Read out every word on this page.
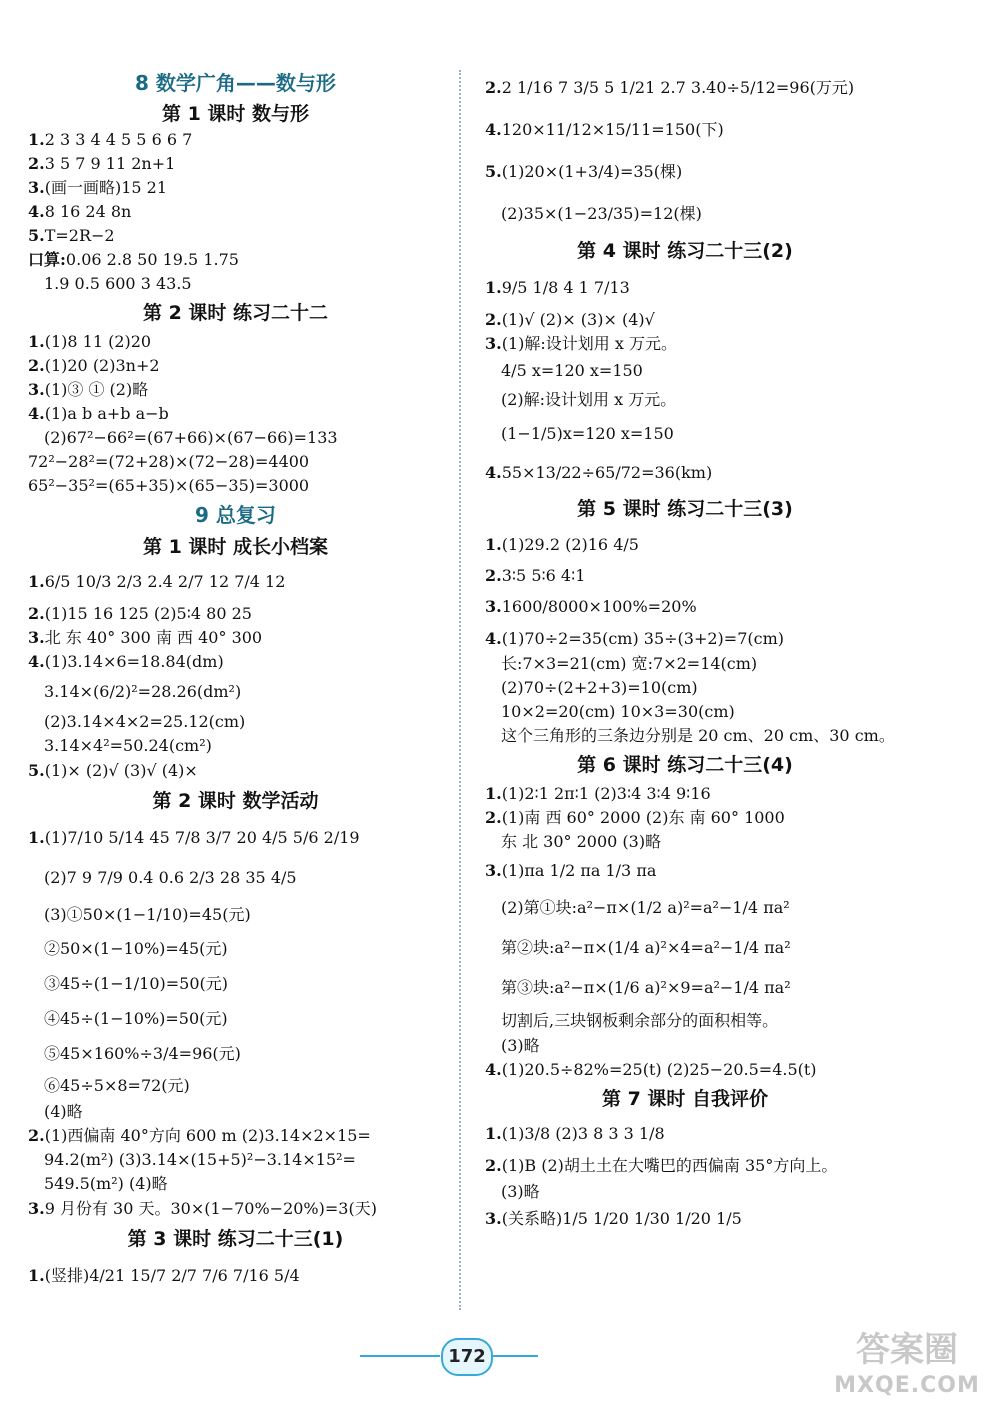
8 数学广角——数与形
第 1 课时 数与形
1.2 3 3 4 4 5 5 6 6 7
2.3 5 7 9 11 2n+1
3.(画一画略)15 21
4.8 16 24 8n
5.T=2R−2
口算:0.06 2.8 50 19.5 1.75
1.9 0.5 600 3 43.5
第 2 课时 练习二十二
1.(1)8 11 (2)20
2.(1)20 (2)3n+2
3.(1)③ ① (2)略
4.(1)a b a+b a−b
(2)67²−66²=(67+66)×(67−66)=133
72²−28²=(72+28)×(72−28)=4400
65²−35²=(65+35)×(65−35)=3000
9 总复习
第 1 课时 成长小档案
1.6/5 10/3 2/3 2.4 2/7 12 7/4 12
2.(1)15 16 125 (2)5∶4 80 25
3.北 东 40° 300 南 西 40° 300
4.(1)3.14×6=18.84(dm)
3.14×(6/2)²=28.26(dm²)
(2)3.14×4×2=25.12(cm)
3.14×4²=50.24(cm²)
5.(1)× (2)√ (3)√ (4)×
第 2 课时 数学活动
1.(1)7/10 5/14 45 7/8 3/7 20 4/5 5/6 2/19
(2)7 9 7/9 0.4 0.6 2/3 28 35 4/5
(3)①50×(1−1/10)=45(元)
②50×(1−10%)=45(元)
③45÷(1−1/10)=50(元)
④45÷(1−10%)=50(元)
⑤45×160%÷3/4=96(元)
⑥45÷5×8=72(元)
(4)略
2.(1)西偏南 40°方向 600 m (2)3.14×2×15=
94.2(m²) (3)3.14×(15+5)²−3.14×15²=
549.5(m²) (4)略
3.9 月份有 30 天。30×(1−70%−20%)=3(天)
第 3 课时 练习二十三(1)
1.(竖排)4/21 15/7 2/7 7/6 7/16 5/4
2.2 1/16 7 3/5 5 1/21 2.7 3.40÷5/12=96(万元)
4.120×11/12×15/11=150(下)
5.(1)20×(1+3/4)=35(棵)
(2)35×(1−23/35)=12(棵)
第 4 课时 练习二十三(2)
1.9/5 1/8 4 1 7/13
2.(1)√ (2)× (3)× (4)√
3.(1)解:设计划用 x 万元。
4/5 x=120 x=150
(2)解:设计划用 x 万元。
(1−1/5)x=120 x=150
4.55×13/22÷65/72=36(km)
第 5 课时 练习二十三(3)
1.(1)29.2 (2)16 4/5
2.3∶5 5∶6 4∶1
3.1600/8000×100%=20%
4.(1)70÷2=35(cm) 35÷(3+2)=7(cm)
长:7×3=21(cm) 宽:7×2=14(cm)
(2)70÷(2+2+3)=10(cm)
10×2=20(cm) 10×3=30(cm)
这个三角形的三条边分别是 20 cm、20 cm、30 cm。
第 6 课时 练习二十三(4)
1.(1)2∶1 2π∶1 (2)3∶4 3∶4 9∶16
2.(1)南 西 60° 2000 (2)东 南 60° 1000
东 北 30° 2000 (3)略
3.(1)πa 1/2 πa 1/3 πa
(2)第①块:a²−π×(1/2 a)²=a²−1/4 πa²
第②块:a²−π×(1/4 a)²×4=a²−1/4 πa²
第③块:a²−π×(1/6 a)²×9=a²−1/4 πa²
切割后,三块钢板剩余部分的面积相等。
(3)略
4.(1)20.5÷82%=25(t) (2)25−20.5=4.5(t)
第 7 课时 自我评价
1.(1)3/8 (2)3 8 3 3 1/8
2.(1)B (2)胡土土在大嘴巴的西偏南 35°方向上。
(3)略
3.(关系略)1/5 1/20 1/30 1/20 1/5
172	答案圈
MXQE.COM
